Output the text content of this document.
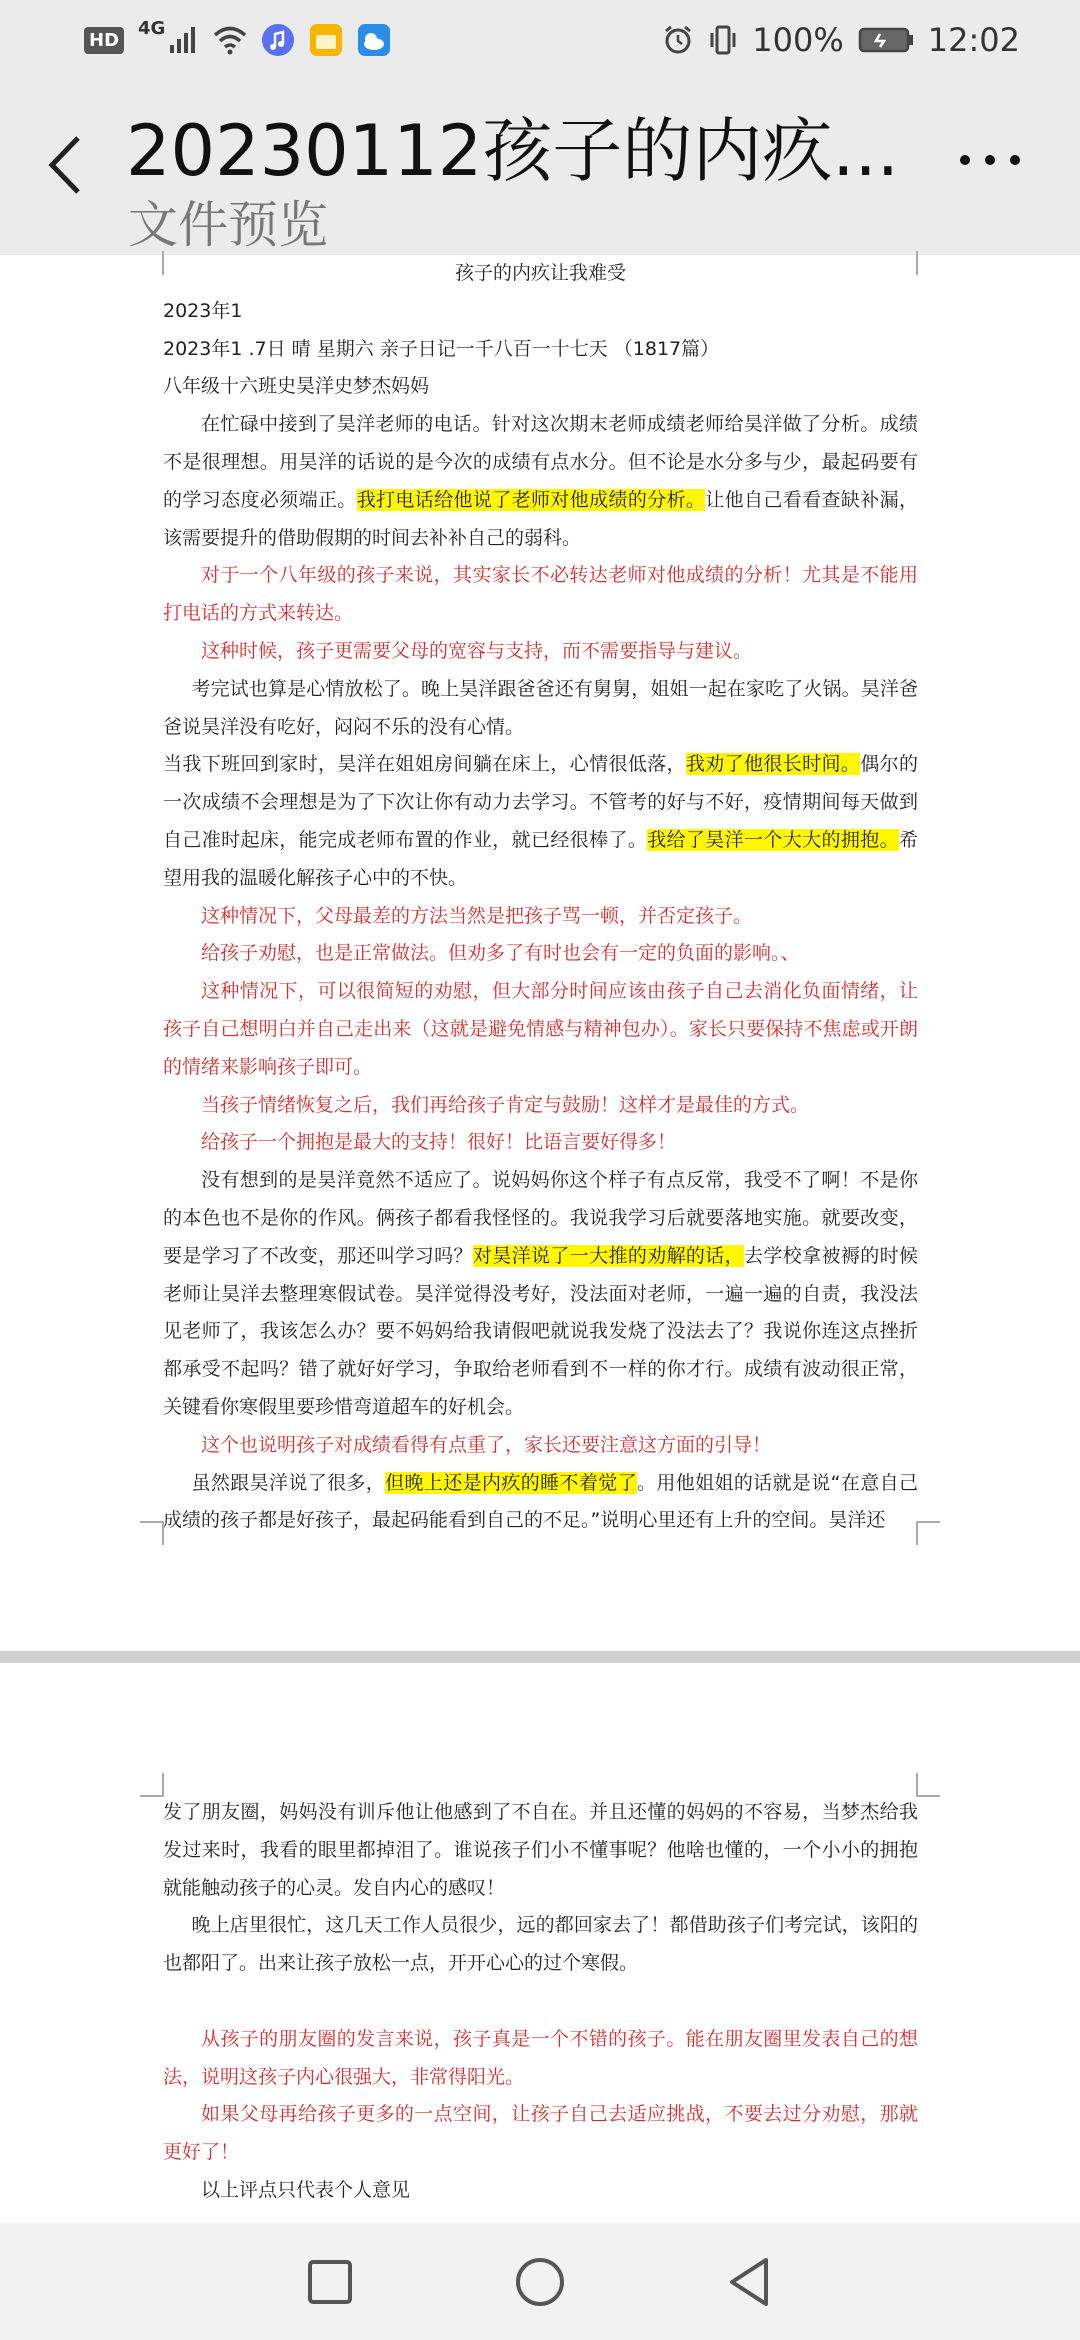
HD
4G	100%	12:02
20230112孩子的内疚...
文件预览

孩子的内疚让我难受

2023年1

2023年1 .7日 晴 星期六 亲子日记一千八百一十七天 （1817篇）

八年级十六班史昊洋史梦杰妈妈

在忙碌中接到了昊洋老师的电话。针对这次期末老师成绩老师给昊洋做了分析。成绩不是很理想。用昊洋的话说的是今次的成绩有点水分。但不论是水分多与少，最起码要有的学习态度必须端正。我打电话给他说了老师对他成绩的分析。让他自己看看查缺补漏，该需要提升的借助假期的时间去补补自己的弱科。

对于一个八年级的孩子来说，其实家长不必转达老师对他成绩的分析！尤其是不能用打电话的方式来转达。

这种时候，孩子更需要父母的宽容与支持，而不需要指导与建议。

考完试也算是心情放松了。晚上昊洋跟爸爸还有舅舅，姐姐一起在家吃了火锅。昊洋爸爸说昊洋没有吃好，闷闷不乐的没有心情。

当我下班回到家时，昊洋在姐姐房间躺在床上，心情很低落，我劝了他很长时间。偶尔的一次成绩不会理想是为了下次让你有动力去学习。不管考的好与不好，疫情期间每天做到自己准时起床，能完成老师布置的作业，就已经很棒了。我给了昊洋一个大大的拥抱。希望用我的温暖化解孩子心中的不快。

这种情况下，父母最差的方法当然是把孩子骂一顿，并否定孩子。

给孩子劝慰，也是正常做法。但劝多了有时也会有一定的负面的影响。、

这种情况下，可以很简短的劝慰，但大部分时间应该由孩子自己去消化负面情绪，让孩子自己想明白并自己走出来（这就是避免情感与精神包办）。家长只要保持不焦虑或开朗的情绪来影响孩子即可。

当孩子情绪恢复之后，我们再给孩子肯定与鼓励！这样才是最佳的方式。

给孩子一个拥抱是最大的支持！很好！比语言要好得多！

没有想到的是昊洋竟然不适应了。说妈妈你这个样子有点反常，我受不了啊！不是你的本色也不是你的作风。俩孩子都看我怪怪的。我说我学习后就要落地实施。就要改变，要是学习了不改变，那还叫学习吗？对昊洋说了一大推的劝解的话，去学校拿被褥的时候老师让昊洋去整理寒假试卷。昊洋觉得没考好，没法面对老师，一遍一遍的自责，我没法见老师了，我该怎么办？要不妈妈给我请假吧就说我发烧了没法去了？我说你连这点挫折都承受不起吗？错了就好好学习，争取给老师看到不一样的你才行。成绩有波动很正常，关键看你寒假里要珍惜弯道超车的好机会。

这个也说明孩子对成绩看得有点重了，家长还要注意这方面的引导！

虽然跟昊洋说了很多，但晚上还是内疚的睡不着觉了。用他姐姐的话就是说“在意自己成绩的孩子都是好孩子，最起码能看到自己的不足。”说明心里还有上升的空间。昊洋还

发了朋友圈，妈妈没有训斥他让他感到了不自在。并且还懂的妈妈的不容易，当梦杰给我发过来时，我看的眼里都掉泪了。谁说孩子们小不懂事呢？他啥也懂的，一个小小的拥抱就能触动孩子的心灵。发自内心的感叹！

晚上店里很忙，这几天工作人员很少，远的都回家去了！都借助孩子们考完试，该阳的也都阳了。出来让孩子放松一点，开开心心的过个寒假。

从孩子的朋友圈的发言来说，孩子真是一个不错的孩子。能在朋友圈里发表自己的想法，说明这孩子内心很强大，非常得阳光。

如果父母再给孩子更多的一点空间，让孩子自己去适应挑战，不要去过分劝慰，那就更好了！

以上评点只代表个人意见
